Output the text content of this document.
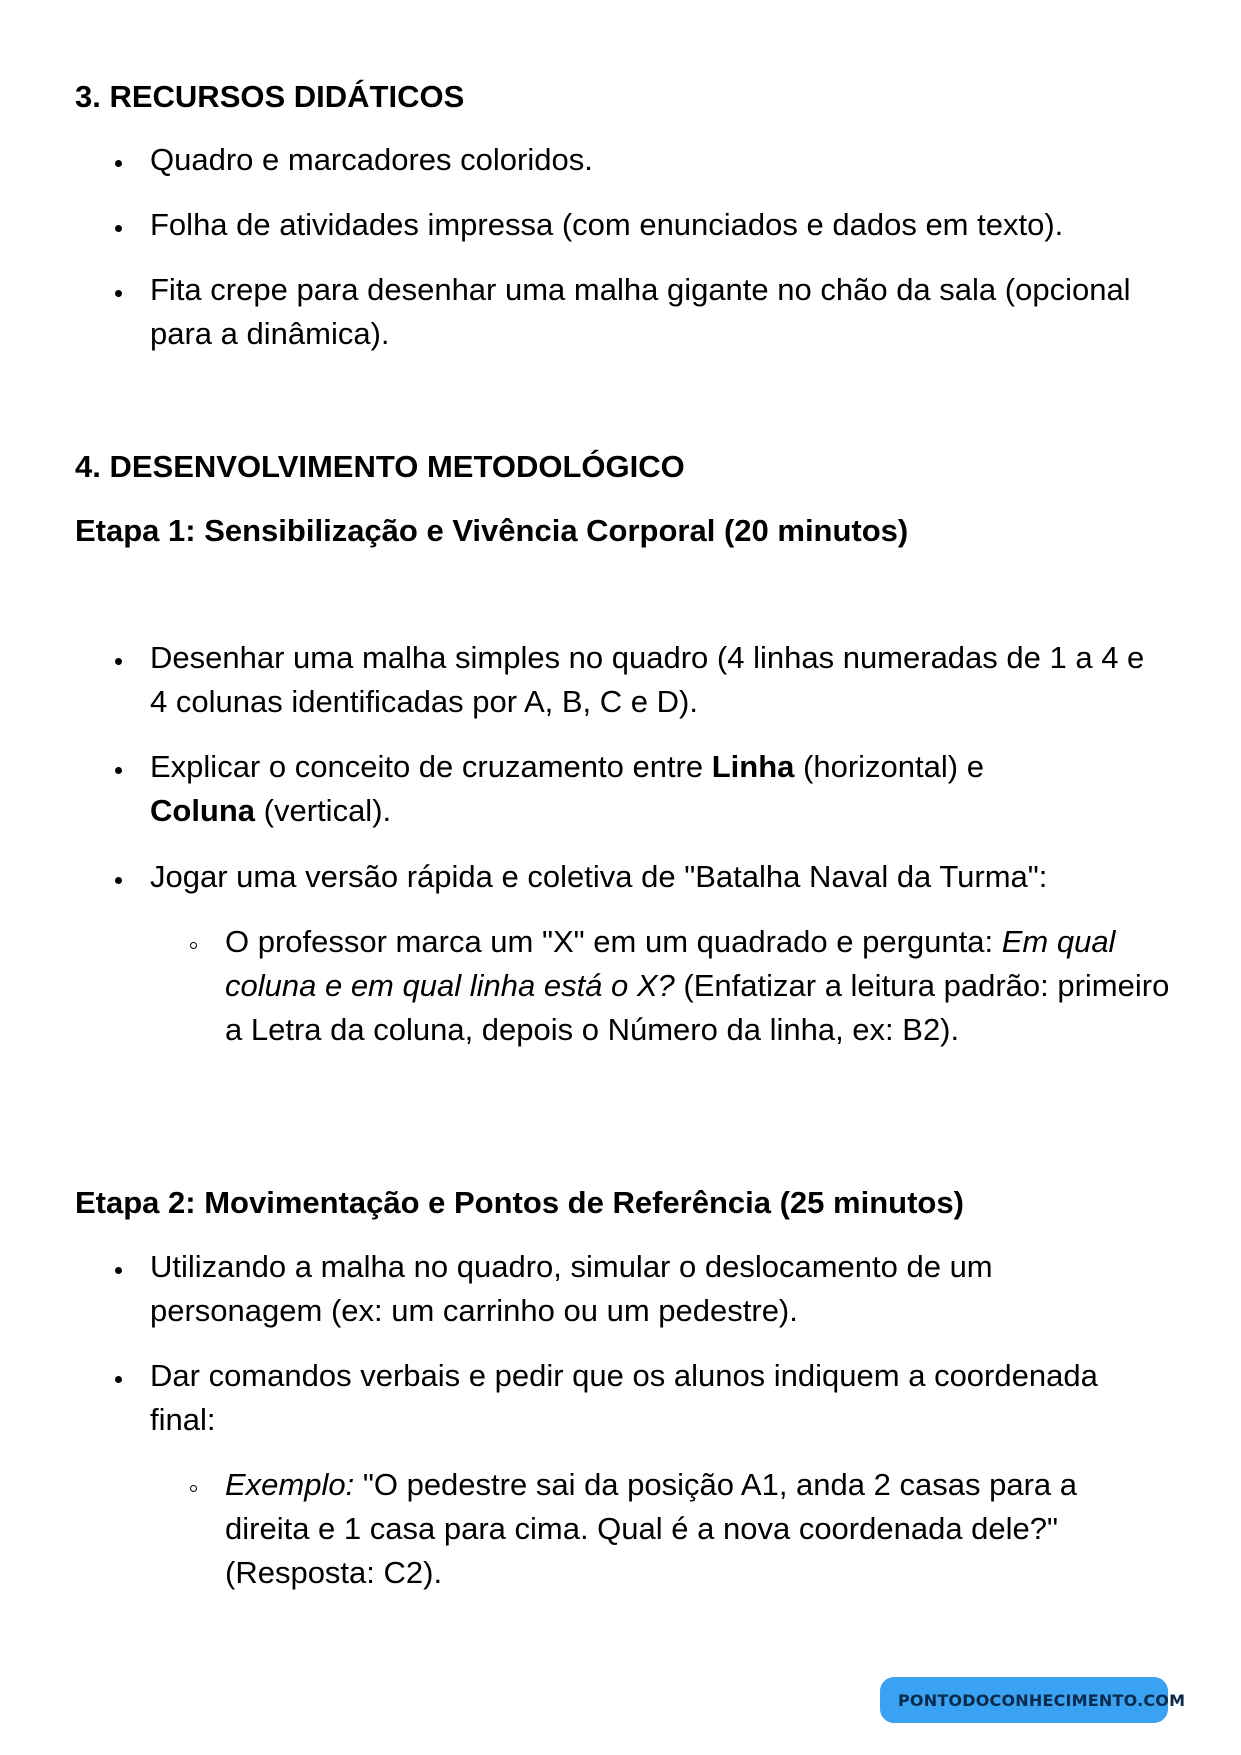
3. RECURSOS DIDÁTICOS

Quadro e marcadores coloridos.

Folha de atividades impressa (com enunciados e dados em texto).

Fita crepe para desenhar uma malha gigante no chão da sala (opcional para a dinâmica).

4. DESENVOLVIMENTO METODOLÓGICO
Etapa 1: Sensibilização e Vivência Corporal (20 minutos)

Desenhar uma malha simples no quadro (4 linhas numeradas de 1 a 4 e 4 colunas identificadas por A, B, C e D).

Explicar o conceito de cruzamento entre Linha (horizontal) e
Coluna (vertical).

Jogar uma versão rápida e coletiva de "Batalha Naval da Turma":

O professor marca um "X" em um quadrado e pergunta: Em qual coluna e em qual linha está o X? (Enfatizar a leitura padrão: primeiro a Letra da coluna, depois o Número da linha, ex: B2).

Etapa 2: Movimentação e Pontos de Referência (25 minutos)

Utilizando a malha no quadro, simular o deslocamento de um personagem (ex: um carrinho ou um pedestre).

Dar comandos verbais e pedir que os alunos indiquem a coordenada final:

Exemplo: "O pedestre sai da posição A1, anda 2 casas para a direita e 1 casa para cima. Qual é a nova coordenada dele?" (Resposta: C2).

PONTODOCONHECIMENTO.COM
